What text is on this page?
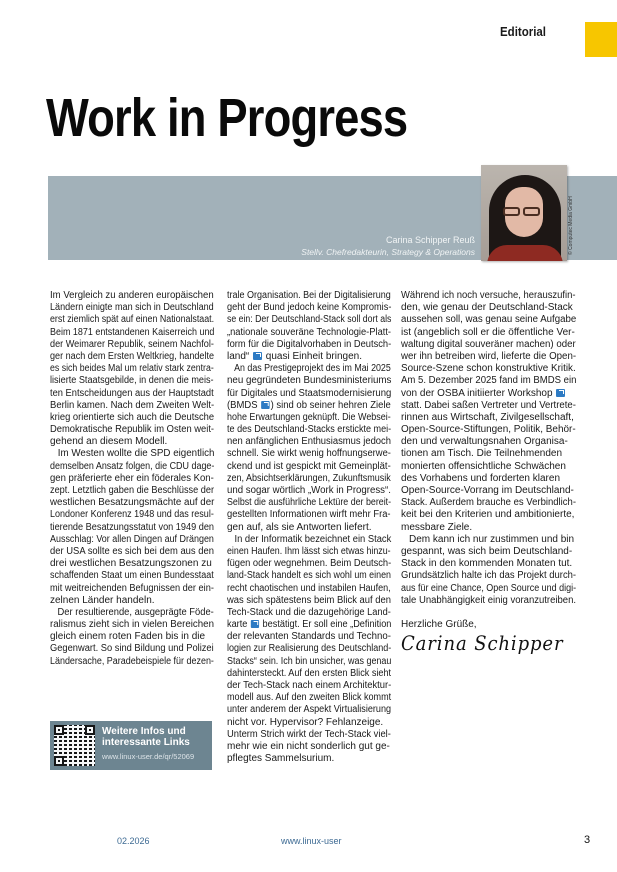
Editorial
Work in Progress
Carina Schipper Reuß
Stellv. Chefredakteurin, Strategy & Operations	© Computec Media GmbH
Im Vergleich zu anderen europäischen
Ländern einigte man sich in Deutschland
erst ziemlich spät auf einen Nationalstaat.
Beim 1871 entstandenen Kaiserreich und
der Weimarer Republik, seinem Nachfol-
ger nach dem Ersten Weltkrieg, handelte
es sich beides Mal um relativ stark zentra-
lisierte Staatsgebilde, in denen die meis-
ten Entscheidungen aus der Hauptstadt
Berlin kamen. Nach dem Zweiten Welt-
krieg orientierte sich auch die Deutsche
Demokratische Republik im Osten weit-
gehend an diesem Modell.
Im Westen wollte die SPD eigentlich
demselben Ansatz folgen, die CDU dage-
gen präferierte eher ein föderales Kon-
zept. Letztlich gaben die Beschlüsse der
westlichen Besatzungsmächte auf der
Londoner Konferenz 1948 und das resul-
tierende Besatzungsstatut von 1949 den
Ausschlag: Vor allen Dingen auf Drängen
der USA sollte es sich bei dem aus den
drei westlichen Besatzungszonen zu
schaffenden Staat um einen Bundesstaat
mit weitreichenden Befugnissen der ein-
zelnen Länder handeln.
Der resultierende, ausgeprägte Föde-
ralismus zieht sich in vielen Bereichen
gleich einem roten Faden bis in die
Gegenwart. So sind Bildung und Polizei
Ländersache, Paradebeispiele für dezen-
trale Organisation. Bei der Digitalisierung
geht der Bund jedoch keine Kompromis-
se ein: Der Deutschland-Stack soll dort als
„nationale souveräne Technologie-Platt-
form für die Digitalvorhaben in Deutsch-
land“  quasi Einheit bringen.
An das Prestigeprojekt des im Mai 2025
neu gegründeten Bundesministeriums
für Digitales und Staatsmodernisierung
(BMDS ) sind ob seiner hehren Ziele
hohe Erwartungen geknüpft. Die Websei-
te des Deutschland-Stacks erstickte mei-
nen anfänglichen Enthusiasmus jedoch
schnell. Sie wirkt wenig hoffnungserwe-
ckend und ist gespickt mit Gemeinplät-
zen, Absichtserklärungen, Zukunftsmusik
und sogar wörtlich „Work in Progress“.
Selbst die ausführliche Lektüre der bereit-
gestellten Informationen wirft mehr Fra-
gen auf, als sie Antworten liefert.
In der Informatik bezeichnet ein Stack
einen Haufen. Ihm lässt sich etwas hinzu-
fügen oder wegnehmen. Beim Deutsch-
land-Stack handelt es sich wohl um einen
recht chaotischen und instabilen Haufen,
was sich spätestens beim Blick auf den
Tech-Stack und die dazugehörige Land-
karte  bestätigt. Er soll eine „Definition
der relevanten Standards und Techno-
logien zur Realisierung des Deutschland-
Stacks“ sein. Ich bin unsicher, was genau
dahintersteckt. Auf den ersten Blick sieht
der Tech-Stack nach einem Architektur-
modell aus. Auf den zweiten Blick kommt
unter anderem der Aspekt Virtualisierung
nicht vor. Hypervisor? Fehlanzeige.
Unterm Strich wirkt der Tech-Stack viel-
mehr wie ein nicht sonderlich gut ge-
pflegtes Sammelsurium.
Während ich noch versuche, herauszufin-
den, wie genau der Deutschland-Stack
aussehen soll, was genau seine Aufgabe
ist (angeblich soll er die öffentliche Ver-
waltung digital souveräner machen) oder
wer ihn betreiben wird, lieferte die Open-
Source-Szene schon konstruktive Kritik.
Am 5. Dezember 2025 fand im BMDS ein
von der OSBA initiierter Workshop
statt. Dabei saßen Vertreter und Vertrete-
rinnen aus Wirtschaft, Zivilgesellschaft,
Open-Source-Stiftungen, Politik, Behör-
den und verwaltungsnahen Organisa-
tionen am Tisch. Die Teilnehmenden
monierten offensichtliche Schwächen
des Vorhabens und forderten klaren
Open-Source-Vorrang im Deutschland-
Stack. Außerdem brauche es Verbindlich-
keit bei den Kriterien und ambitionierte,
messbare Ziele.
Dem kann ich nur zustimmen und bin
gespannt, was sich beim Deutschland-
Stack in den kommenden Monaten tut.
Grundsätzlich halte ich das Projekt durch-
aus für eine Chance, Open Source und digi-
tale Unabhängigkeit einig voranzutreiben.
Herzliche Grüße,
Carina Schipper
Weitere Infos und
interessante Links
www.linux-user.de/qr/52069
02.2026	www.linux-user	3
